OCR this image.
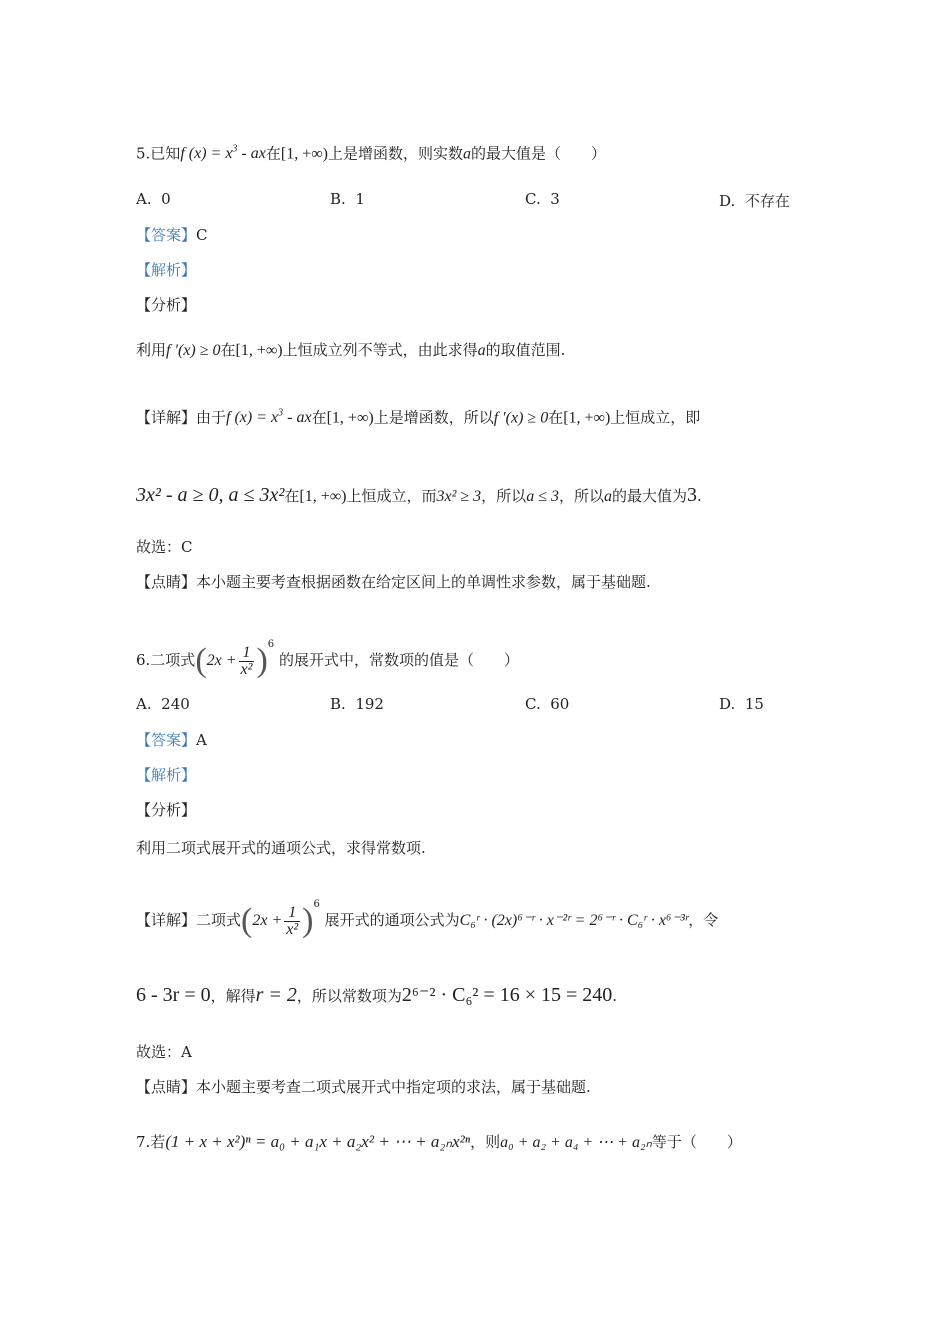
5.已知f $(x) = x^3$ - ax在[1, +∞)上是增函数，则实数a的最大值是（　　）
A. 0	B. 1	C. 3	D. 不存在
【答案】C
【解析】
【分析】
利用f ′(x) ≥ 0在[1, +∞)上恒成立列不等式，由此求得a的取值范围.
【详解】由于f $(x) = x^3$ - ax在[1, +∞)上是增函数，所以f ′(x) ≥ 0在[1, +∞)上恒成立，即
3x² - a ≥ 0, a ≤ 3x²在[1, +∞)上恒成立，而3x² ≥ 3，所以a ≤ 3，所以a的最大值为3.
故选：C
【点睛】本小题主要考查根据函数在给定区间上的单调性求参数，属于基础题.
6.二项式$(2x + \frac{1}{\text{x²}} )^6$ 的展开式中，常数项的值是（　　）
A. 240	B. 192	C. 60	D. 15
【答案】A
【解析】
【分析】
利用二项式展开式的通项公式，求得常数项.
【详解】二项式$(2x + \frac{1}{\text{x²}} )^6$ 展开式的通项公式为C₆ʳ · (2x)⁶⁻ʳ · x⁻²ʳ = 2⁶⁻ʳ · C₆ʳ · x⁶⁻³ʳ，令
6 - 3r = 0，解得r = 2，所以常数项为2⁶⁻² · C₆² = 16 × 15 = 240.
故选：A
【点睛】本小题主要考查二项式展开式中指定项的求法，属于基础题.
7.若(1 + x + x²)ⁿ = a₀ + a₁x + a₂x² + ⋯ + a₂ₙx²ⁿ，则a₀ + a₂ + a₄ + ⋯ + a₂ₙ等于（　　）
